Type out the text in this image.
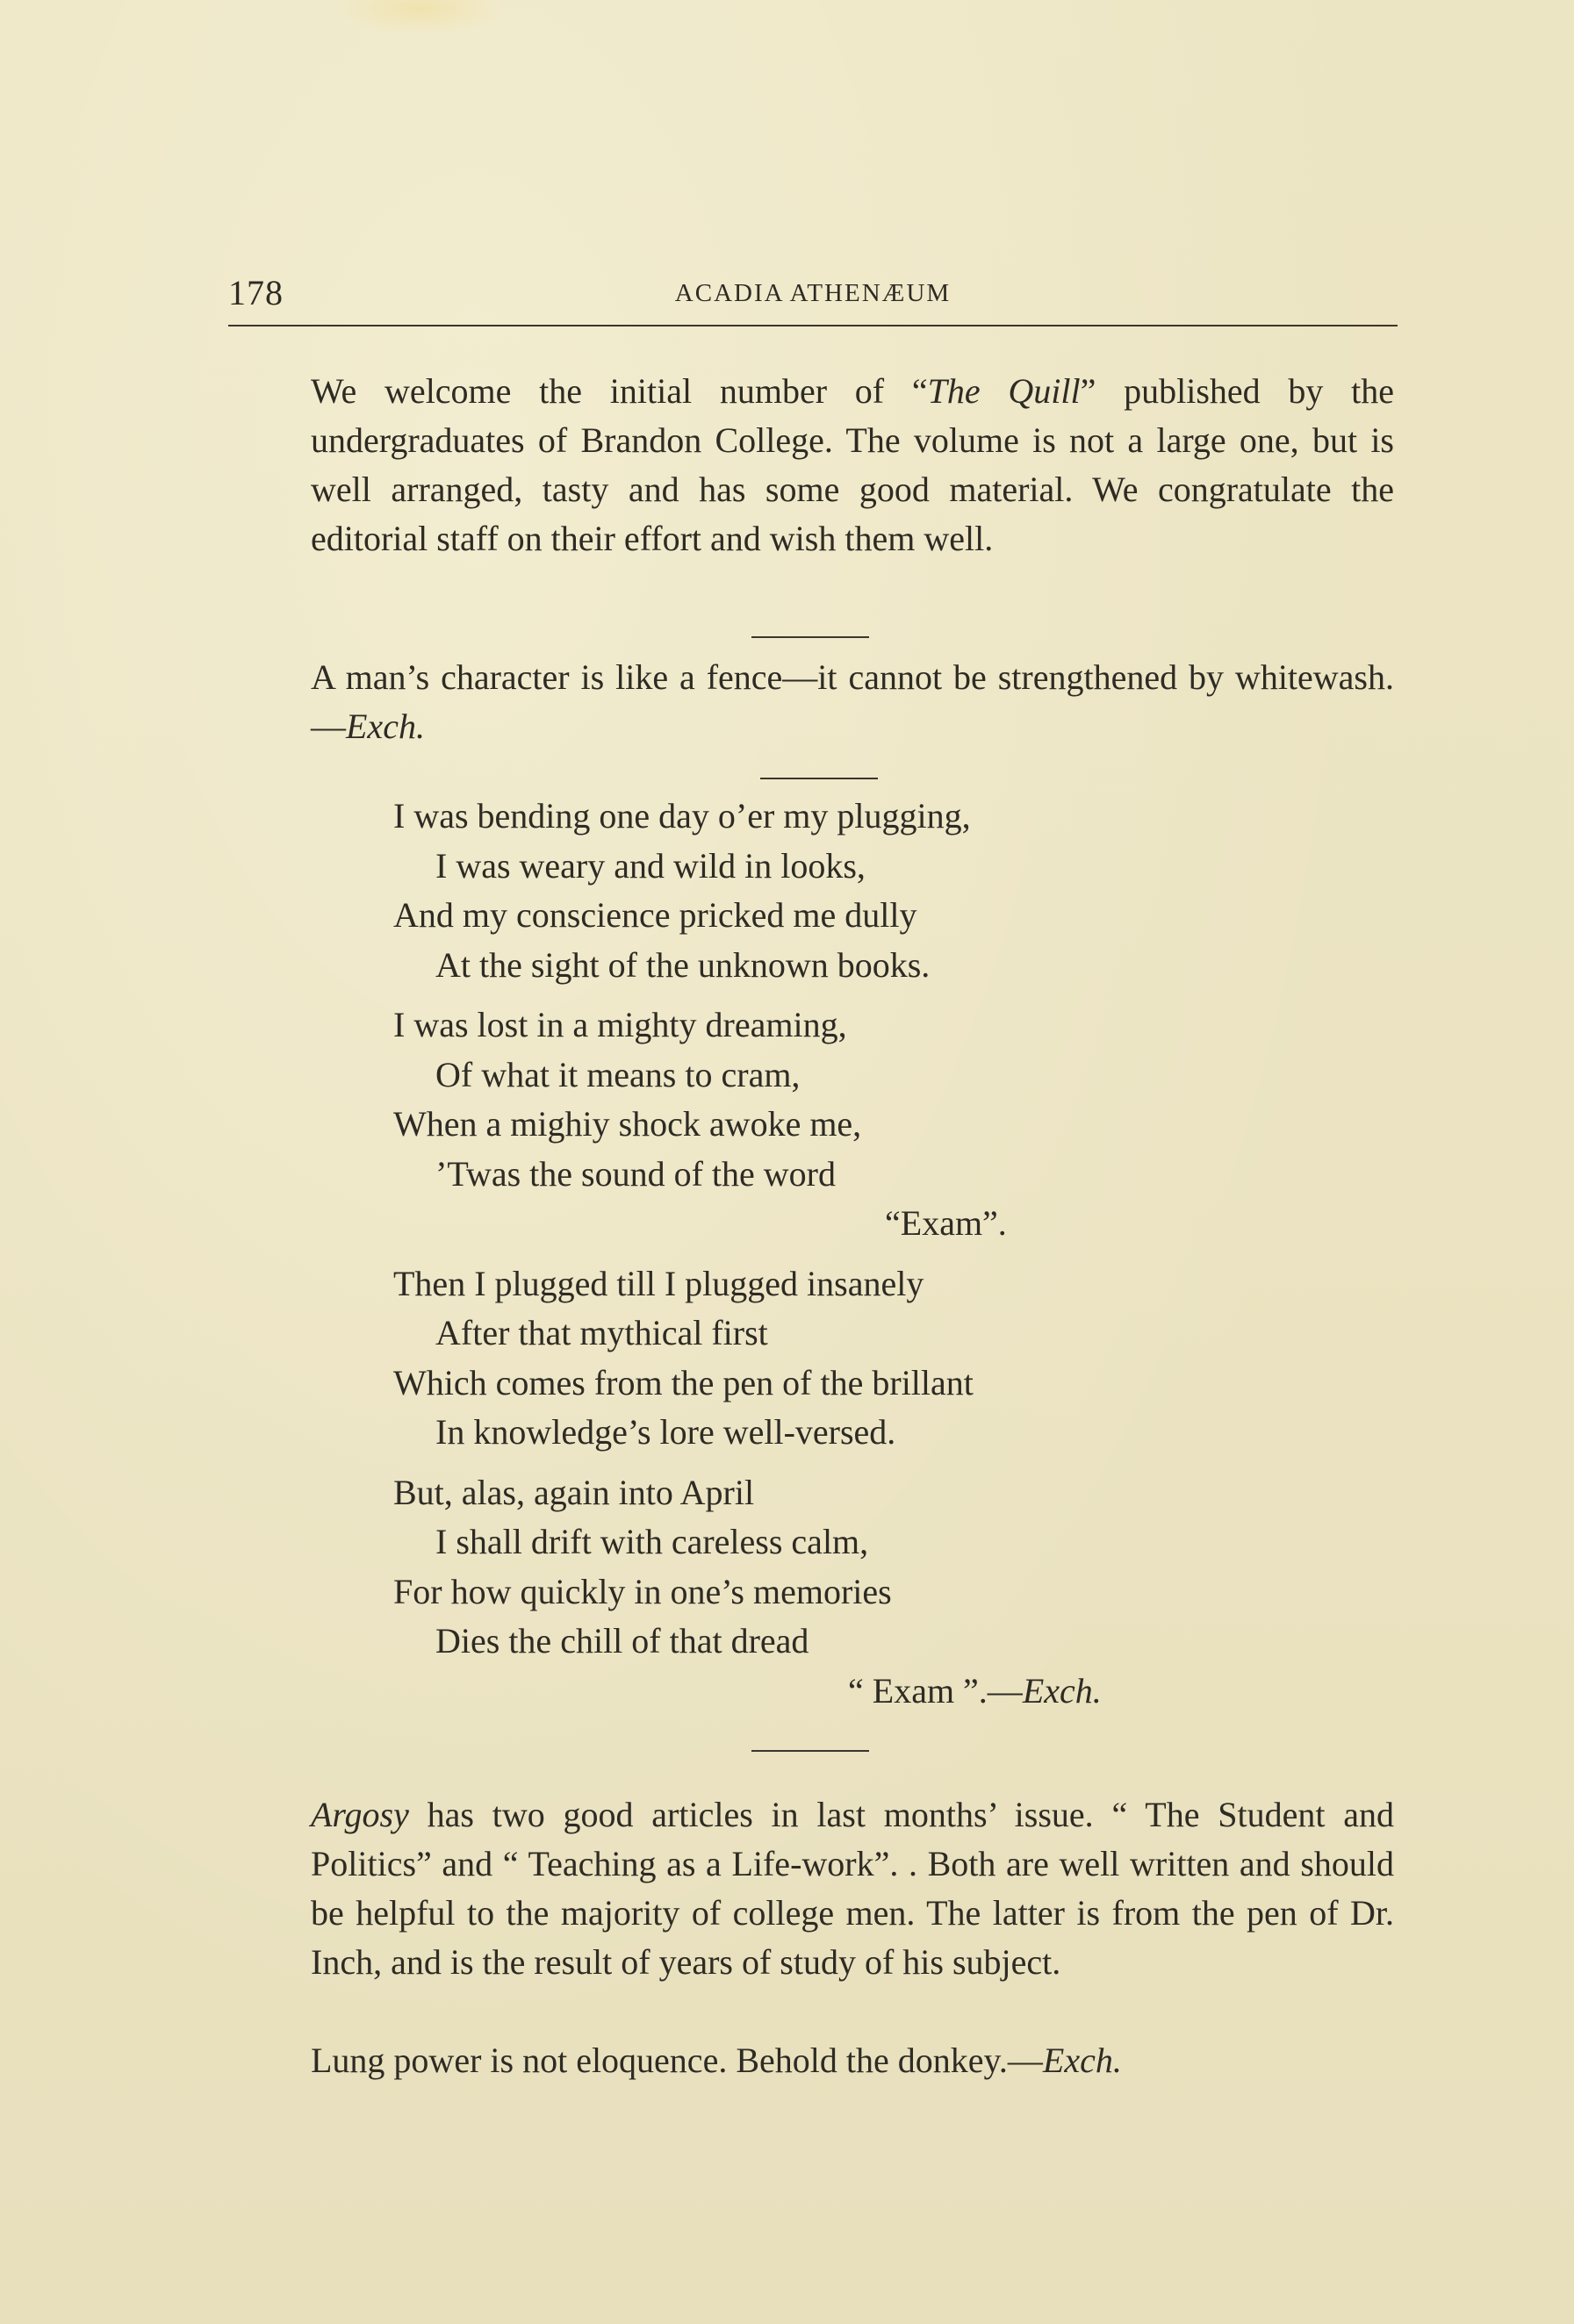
178	ACADIA ATHENÆUM
We welcome the initial number of “The Quill” published by the undergraduates of Brandon College. The volume is not a large one, but is well arranged, tasty and has some good material. We congratulate the editorial staff on their effort and wish them well.
A man’s character is like a fence—it cannot be strengthened by whitewash.—Exch.
I was bending one day o’er my plugging,
I was weary and wild in looks,
And my conscience pricked me dully
At the sight of the unknown books.
I was lost in a mighty dreaming,
Of what it means to cram,
When a mighiy shock awoke me,
’Twas the sound of the word
“Exam”.
Then I plugged till I plugged insanely
After that mythical first
Which comes from the pen of the brillant
In knowledge’s lore well-versed.
But, alas, again into April
I shall drift with careless calm,
For how quickly in one’s memories
Dies the chill of that dread
“ Exam ”.—Exch.
Argosy has two good articles in last months’ issue. “ The Student and Politics” and “ Teaching as a Life-work”. . Both are well written and should be helpful to the majority of college men. The latter is from the pen of Dr. Inch, and is the result of years of study of his subject.
Lung power is not eloquence. Behold the donkey.—Exch.
